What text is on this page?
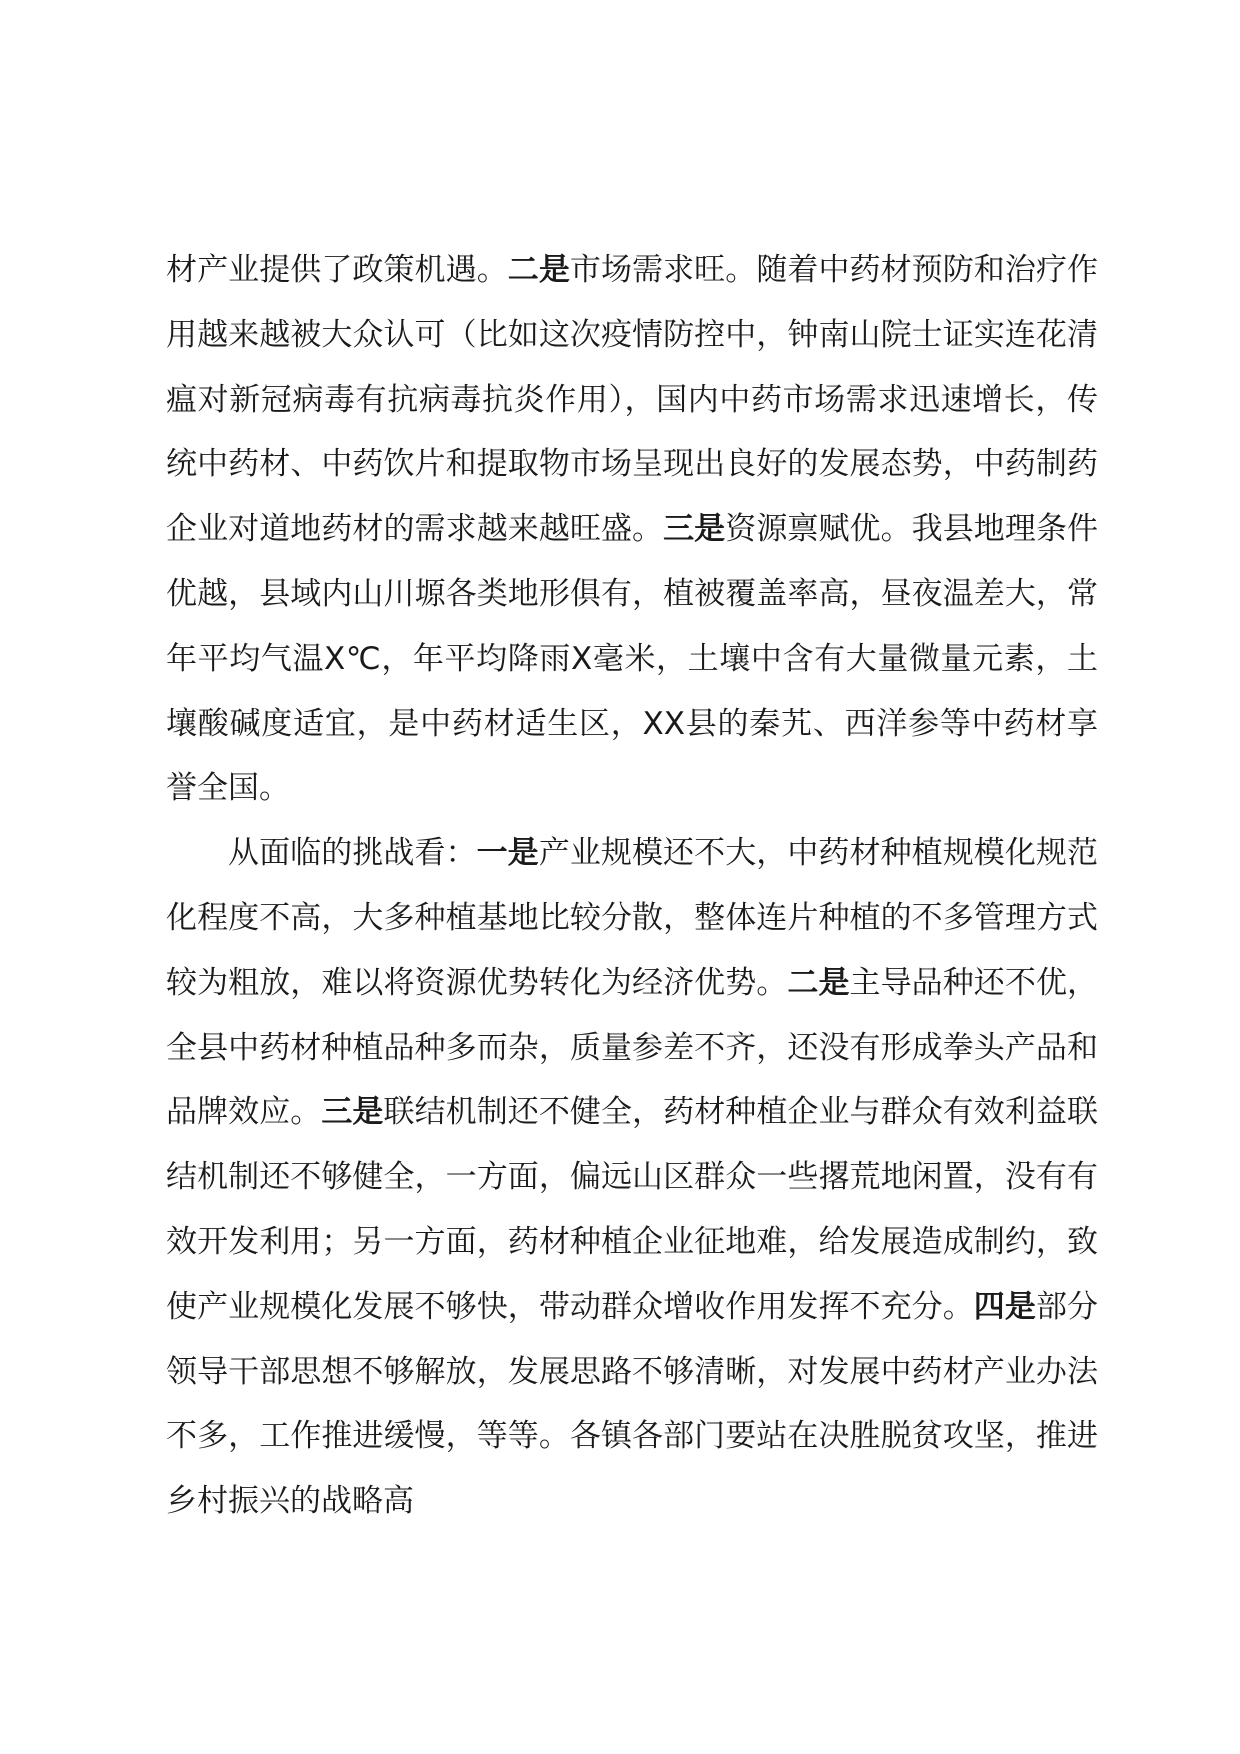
材产业提供了政策机遇。二是市场需求旺。随着中药材预防和治疗作用越来越被大众认可（比如这次疫情防控中，钟南山院士证实连花清瘟对新冠病毒有抗病毒抗炎作用），国内中药市场需求迅速增长，传统中药材、中药饮片和提取物市场呈现出良好的发展态势，中药制药企业对道地药材的需求越来越旺盛。三是资源禀赋优。我县地理条件优越，县域内山川塬各类地形俱有，植被覆盖率高，昼夜温差大，常年平均气温X℃，年平均降雨X毫米，土壤中含有大量微量元素，土壤酸碱度适宜，是中药材适生区，XX县的秦艽、西洋参等中药材享誉全国。

从面临的挑战看：一是产业规模还不大，中药材种植规模化规范化程度不高，大多种植基地比较分散，整体连片种植的不多管理方式较为粗放，难以将资源优势转化为经济优势。二是主导品种还不优，全县中药材种植品种多而杂，质量参差不齐，还没有形成拳头产品和品牌效应。三是联结机制还不健全，药材种植企业与群众有效利益联结机制还不够健全，一方面，偏远山区群众一些撂荒地闲置，没有有效开发利用；另一方面，药材种植企业征地难，给发展造成制约，致使产业规模化发展不够快，带动群众增收作用发挥不充分。四是部分领导干部思想不够解放，发展思路不够清晰，对发展中药材产业办法不多，工作推进缓慢，等等。各镇各部门要站在决胜脱贫攻坚，推进乡村振兴的战略高
